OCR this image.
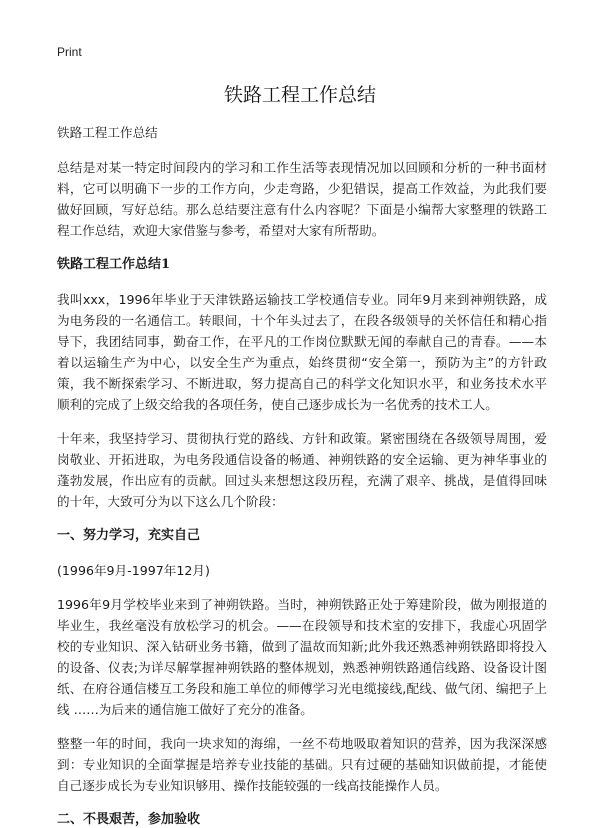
Print
铁路工程工作总结

铁路工程工作总结

总结是对某一特定时间段内的学习和工作生活等表现情况加以回顾和分析的一种书面材料，它可以明确下一步的工作方向，少走弯路，少犯错误，提高工作效益，为此我们要做好回顾，写好总结。那么总结要注意有什么内容呢？下面是小编帮大家整理的铁路工程工作总结，欢迎大家借鉴与参考，希望对大家有所帮助。

铁路工程工作总结1

我叫xxx，1996年毕业于天津铁路运输技工学校通信专业。同年9月来到神朔铁路，成为电务段的一名通信工。转眼间，十个年头过去了，在段各级领导的关怀信任和精心指导下，我团结同事，勤奋工作，在平凡的工作岗位默默无闻的奉献自己的青春。——本着以运输生产为中心，以安全生产为重点，始终贯彻“安全第一，预防为主”的方针政策，我不断探索学习、不断进取，努力提高自己的科学文化知识水平，和业务技术水平顺利的完成了上级交给我的各项任务，使自己逐步成长为一名优秀的技术工人。

十年来，我坚持学习、贯彻执行党的路线、方针和政策。紧密围绕在各级领导周围，爱岗敬业、开拓进取，为电务段通信设备的畅通、神朔铁路的安全运输、更为神华事业的蓬勃发展，作出应有的贡献。回过头来想想这段历程，充满了艰辛、挑战，是值得回味的十年，大致可分为以下这么几个阶段：

一、努力学习，充实自己

(1996年9月-1997年12月)

1996年9月学校毕业来到了神朔铁路。当时，神朔铁路正处于筹建阶段，做为刚报道的毕业生，我丝毫没有放松学习的机会。——在段领导和技术室的安排下，我虚心巩固学校的专业知识、深入钻研业务书籍，做到了温故而知新;此外我还熟悉神朔铁路即将投入的设备、仪表;为详尽解掌握神朔铁路的整体规划，熟悉神朔铁路通信线路、设备设计图纸、在府谷通信楼互工务段和施工单位的师傅学习光电缆接线,配线、做气闭、编把子上线 ……为后来的通信施工做好了充分的准备。

整整一年的时间，我向一块求知的海绵，一丝不苟地吸取着知识的营养，因为我深深感到：专业知识的全面掌握是培养专业技能的基础。只有过硬的基础知识做前提，才能使自己逐步成长为专业知识够用、操作技能较强的一线高技能操作人员。

二、不畏艰苦，参加验收
